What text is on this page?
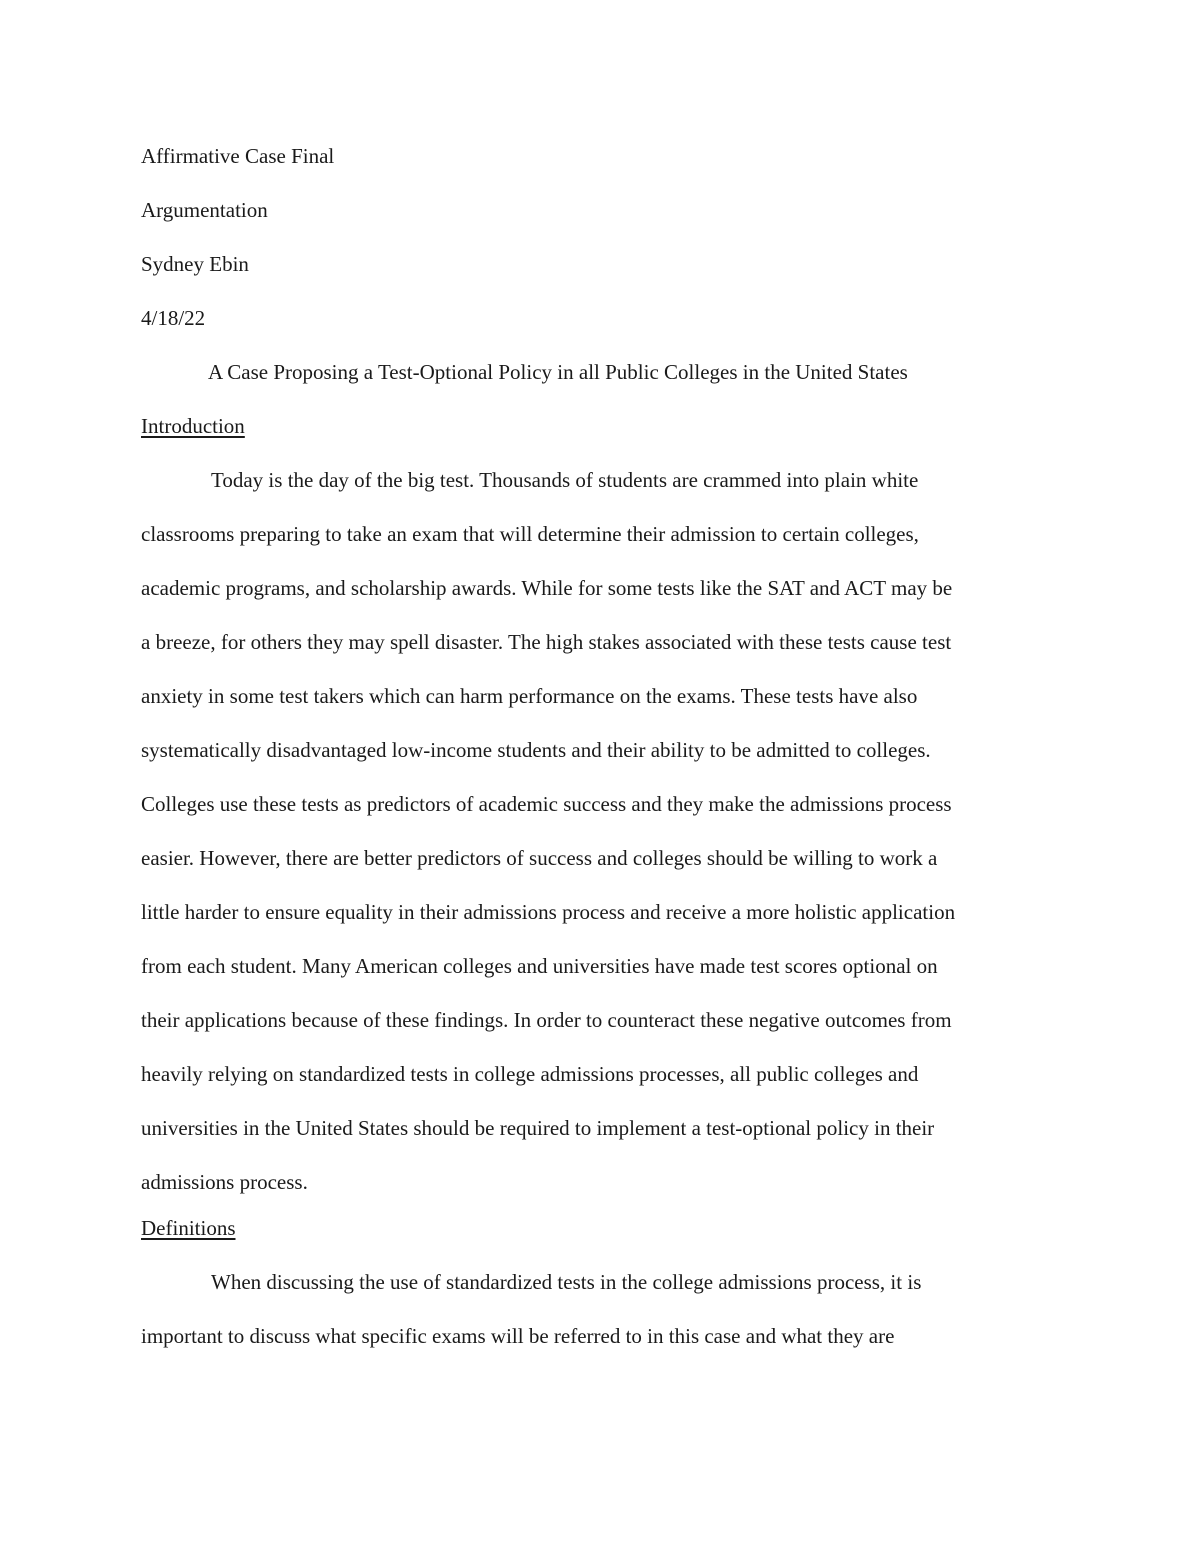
Affirmative Case Final
Argumentation
Sydney Ebin
4/18/22
A Case Proposing a Test-Optional Policy in all Public Colleges in the United States
Introduction
Today is the day of the big test. Thousands of students are crammed into plain white
classrooms preparing to take an exam that will determine their admission to certain colleges,
academic programs, and scholarship awards. While for some tests like the SAT and ACT may be
a breeze, for others they may spell disaster. The high stakes associated with these tests cause test
anxiety in some test takers which can harm performance on the exams. These tests have also
systematically disadvantaged low-income students and their ability to be admitted to colleges.
Colleges use these tests as predictors of academic success and they make the admissions process
easier. However, there are better predictors of success and colleges should be willing to work a
little harder to ensure equality in their admissions process and receive a more holistic application
from each student. Many American colleges and universities have made test scores optional on
their applications because of these findings. In order to counteract these negative outcomes from
heavily relying on standardized tests in college admissions processes, all public colleges and
universities in the United States should be required to implement a test-optional policy in their
admissions process.
Definitions
When discussing the use of standardized tests in the college admissions process, it is
important to discuss what specific exams will be referred to in this case and what they are
